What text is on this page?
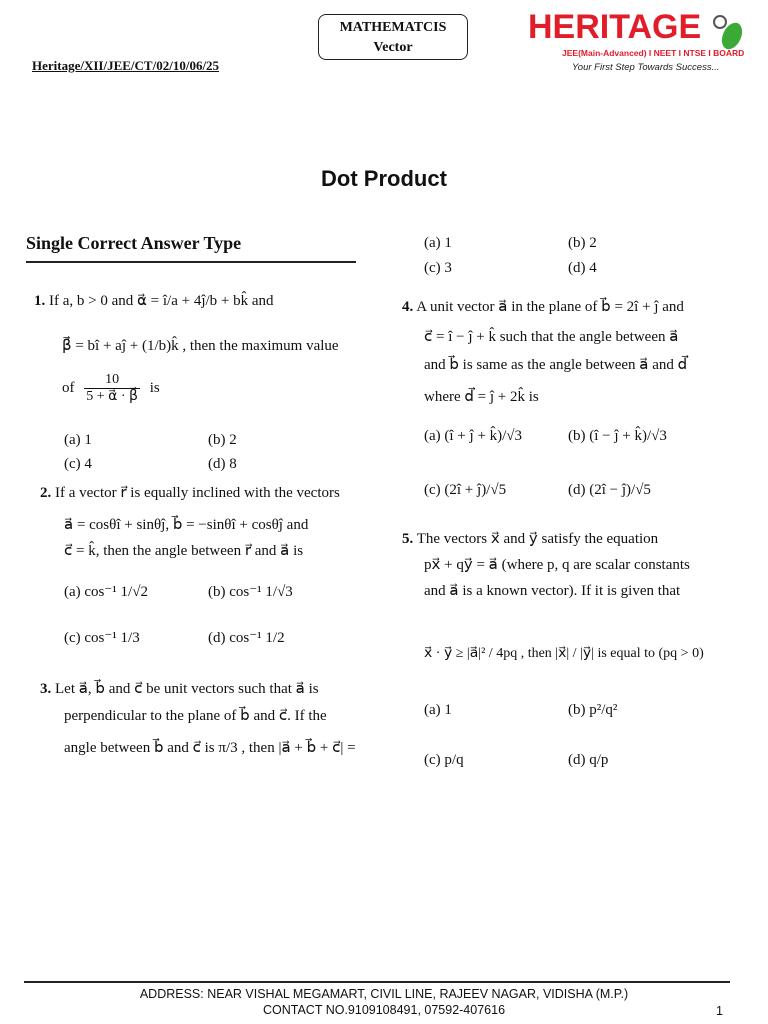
MATHEMATCIS
Vector
Heritage/XII/JEE/CT/02/10/06/25
HERITAGE
JEE(Main-Advanced) I NEET I NTSE I BOARD
Your First Step Towards Success...
Dot Product
Single Correct Answer Type
1. If a, b > 0 and α⃗ = î/a + 4ĵ/b + bk̂ and
β⃗ = bî + aĵ + (1/b)k̂ , then the maximum value
of $\frac{10}{5 + \alpha⃗ \cdot \beta⃗}$ is
(a) 1	(b) 2
(c) 4	(d) 8
2. If a vector r⃗ is equally inclined with the vectors
a⃗ = cosθî + sinθĵ, b⃗ = −sinθî + cosθĵ and
c⃗ = k̂, then the angle between r⃗ and a⃗ is
(a) cos⁻¹ 1/√2	(b) cos⁻¹ 1/√3
(c) cos⁻¹ 1/3	(d) cos⁻¹ 1/2
3. Let a⃗, b⃗ and c⃗ be unit vectors such that a⃗ is
perpendicular to the plane of b⃗ and c⃗. If the
angle between b⃗ and c⃗ is π/3 , then |a⃗ + b⃗ + c⃗| =
(a) 1	(b) 2
(c) 3	(d) 4
4. A unit vector a⃗ in the plane of b⃗ = 2î + ĵ and
c⃗ = î − ĵ + k̂ such that the angle between a⃗
and b⃗ is same as the angle between a⃗ and d⃗
where d⃗ = ĵ + 2k̂ is
(a) (î + ĵ + k̂)/√3	(b) (î − ĵ + k̂)/√3
(c) (2î + ĵ)/√5	(d) (2î − ĵ)/√5
5. The vectors x⃗ and y⃗ satisfy the equation
px⃗ + qy⃗ = a⃗ (where p, q are scalar constants
and a⃗ is a known vector). If it is given that
x⃗ · y⃗ ≥ |a⃗|² / 4pq , then |x⃗| / |y⃗| is equal to (pq > 0)
(a) 1	(b) p²/q²
(c) p/q	(d) q/p
ADDRESS: NEAR VISHAL MEGAMART, CIVIL LINE, RAJEEV NAGAR, VIDISHA (M.P.)
CONTACT NO.9109108491, 07592-407616	1
